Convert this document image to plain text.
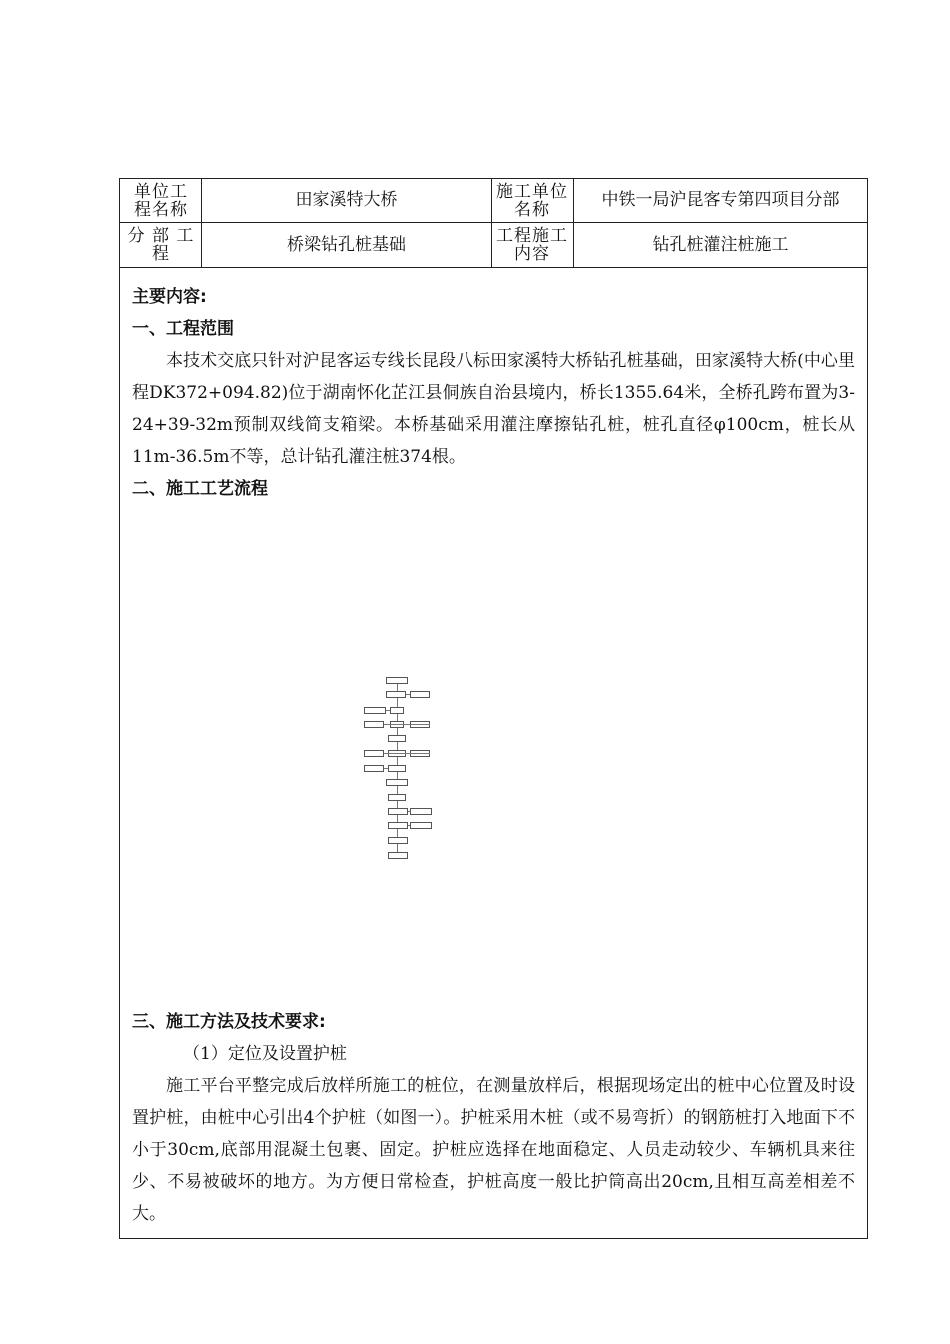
单位工程名称	田家溪特大桥	施工单位名称	中铁一局沪昆客专第四项目分部
分 部 工 程	桥梁钻孔桩基础	工程施工内容	钻孔桩灌注桩施工
主要内容:
一、工程范围
本技术交底只针对沪昆客运专线长昆段八标田家溪特大桥钻孔桩基础，田家溪特大桥(中心里程DK372+094.82)位于湖南怀化芷江县侗族自治县境内，桥长1355.64米，全桥孔跨布置为3-24+39-32m预制双线简支箱梁。本桥基础采用灌注摩擦钻孔桩，桩孔直径φ100cm，桩长从11m-36.5m不等，总计钻孔灌注桩374根。
二、施工工艺流程
三、施工方法及技术要求:
（1）定位及设置护桩
施工平台平整完成后放样所施工的桩位，在测量放样后，根据现场定出的桩中心位置及时设置护桩，由桩中心引出4个护桩（如图一）。护桩采用木桩（或不易弯折）的钢筋桩打入地面下不小于30cm,底部用混凝土包裹、固定。护桩应选择在地面稳定、人员走动较少、车辆机具来往少、不易被破坏的地方。为方便日常检查，护桩高度一般比护筒高出20cm,且相互高差相差不大。
